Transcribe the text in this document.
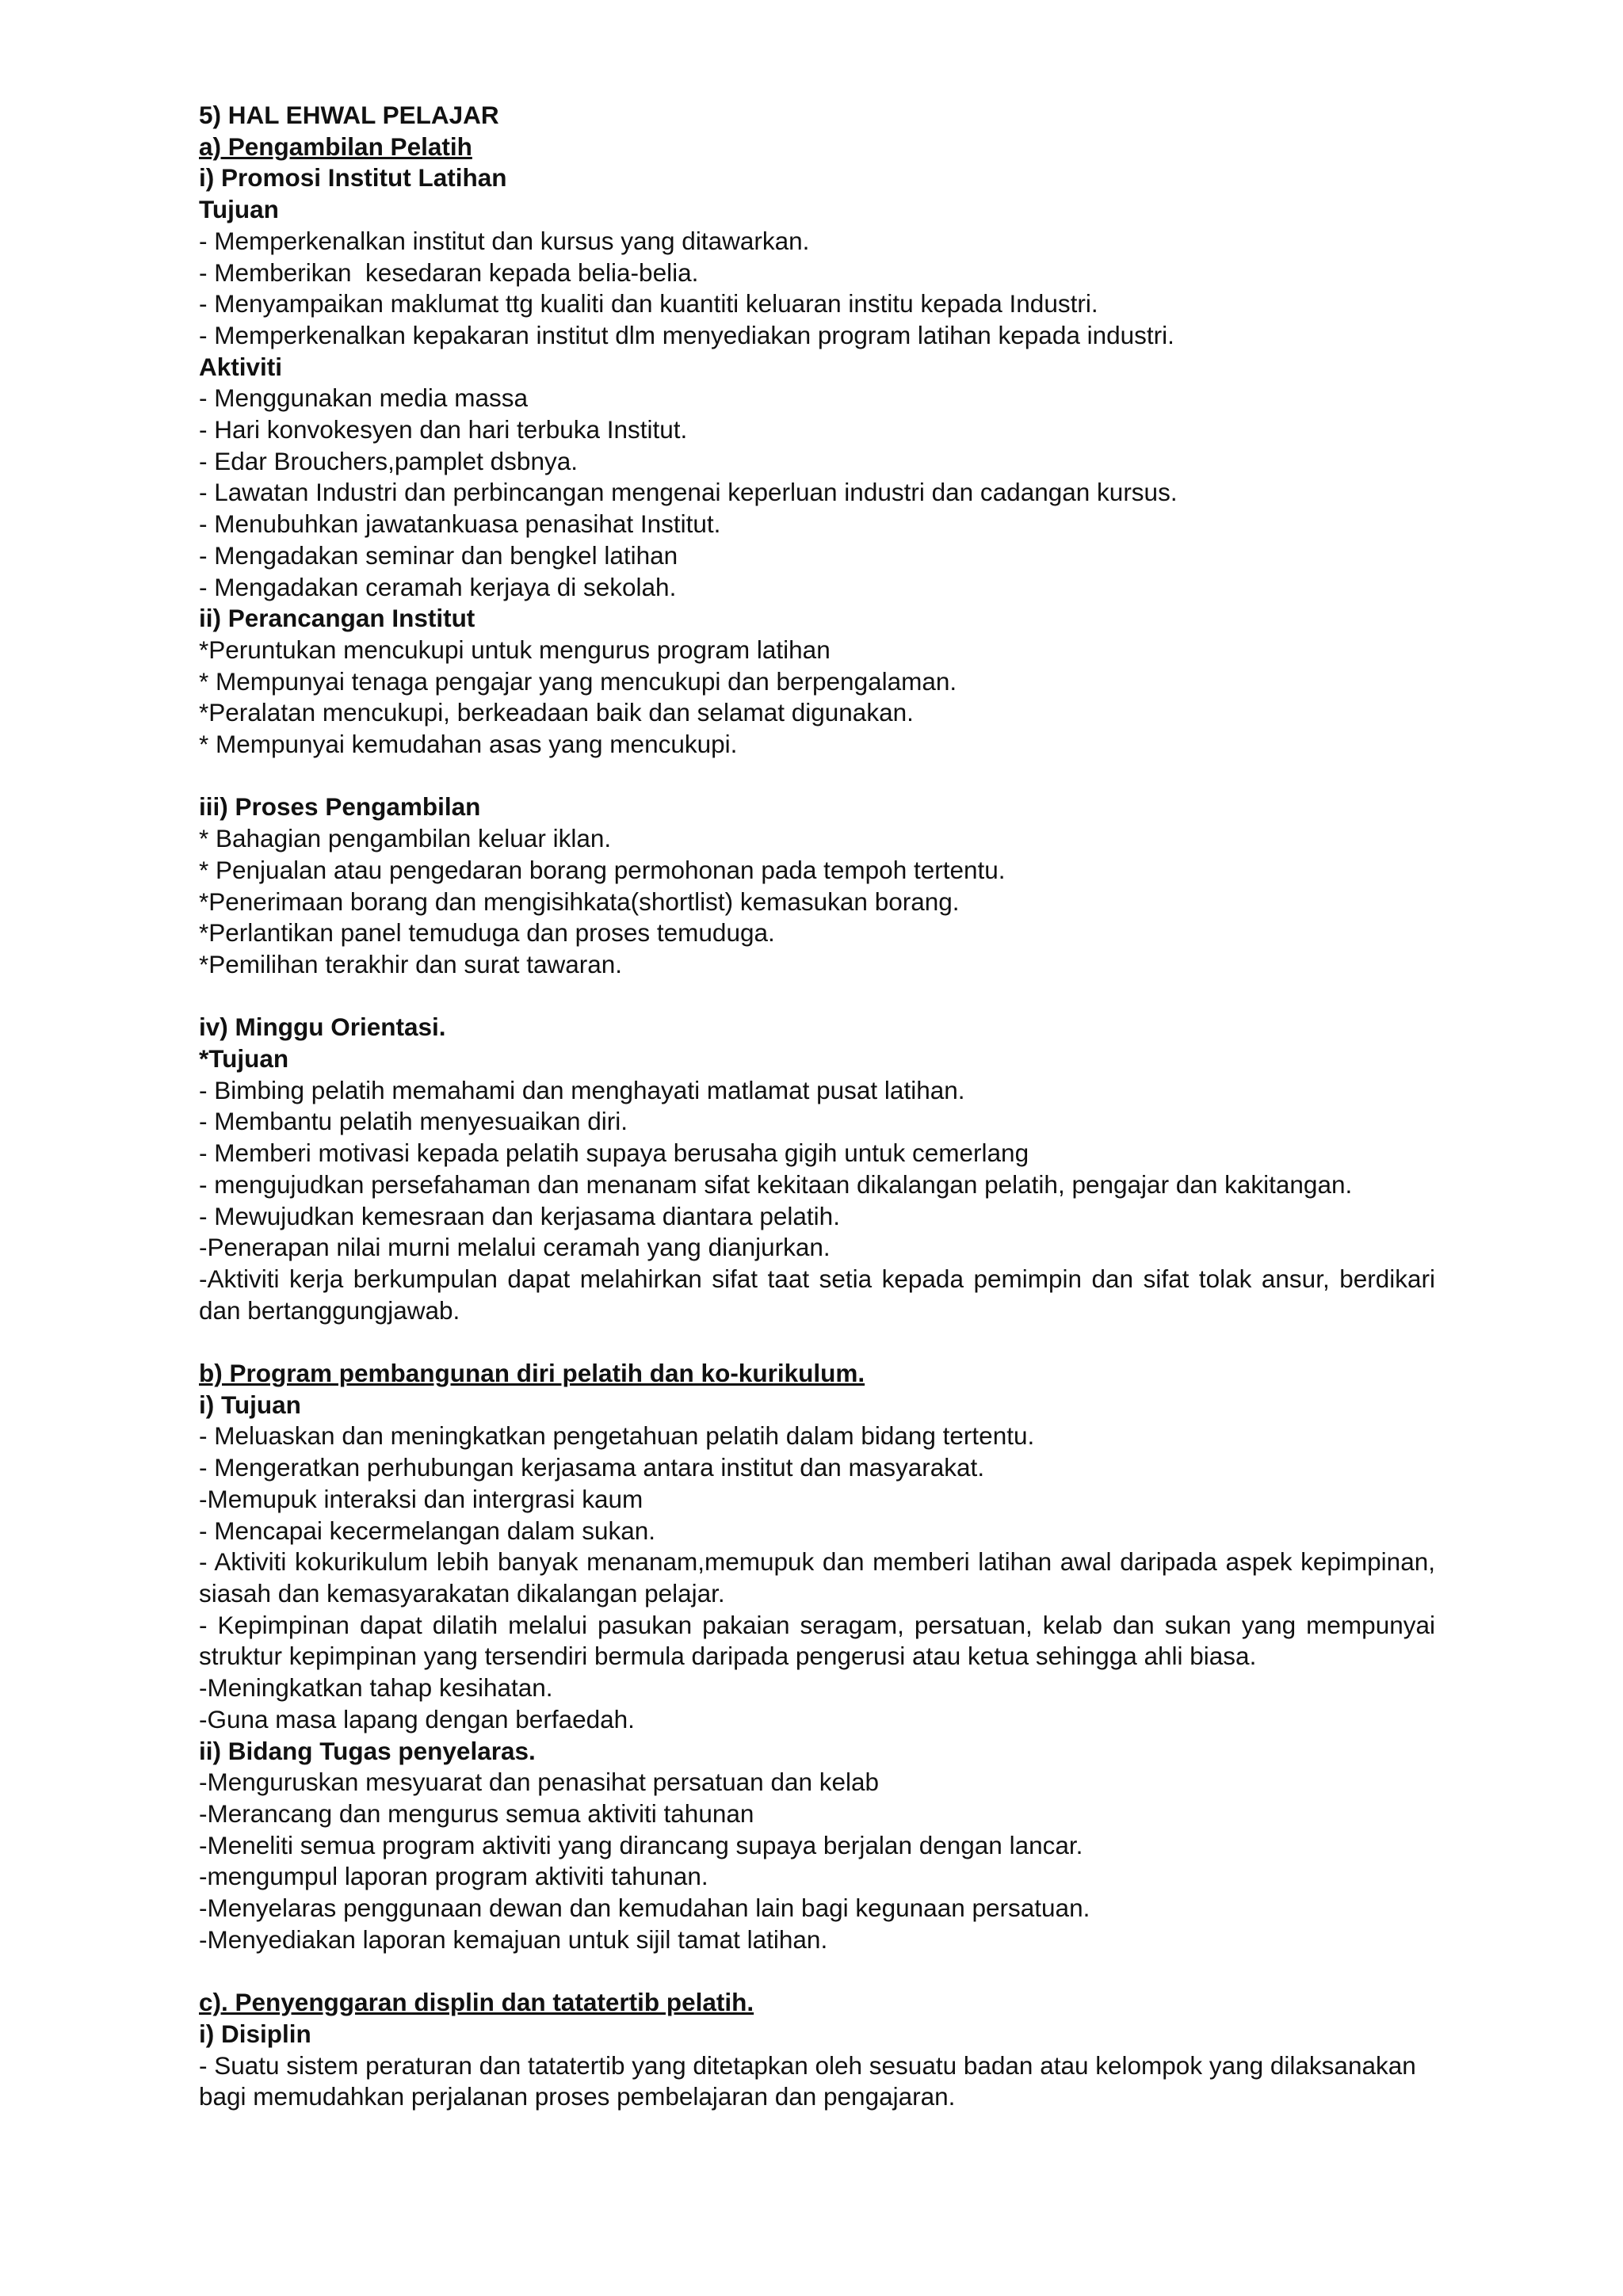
5) HAL EHWAL PELAJAR

a) Pengambilan Pelatih

i) Promosi Institut Latihan

Tujuan

- Memperkenalkan institut dan kursus yang ditawarkan.

- Memberikan  kesedaran kepada belia-belia.

- Menyampaikan maklumat ttg kualiti dan kuantiti keluaran institu kepada Industri.

- Memperkenalkan kepakaran institut dlm menyediakan program latihan kepada industri.

Aktiviti

- Menggunakan media massa

- Hari konvokesyen dan hari terbuka Institut.

- Edar Brouchers,pamplet dsbnya.

- Lawatan Industri dan perbincangan mengenai keperluan industri dan cadangan kursus.

- Menubuhkan jawatankuasa penasihat Institut.

- Mengadakan seminar dan bengkel latihan

- Mengadakan ceramah kerjaya di sekolah.

ii) Perancangan Institut

*Peruntukan mencukupi untuk mengurus program latihan

* Mempunyai tenaga pengajar yang mencukupi dan berpengalaman.

*Peralatan mencukupi, berkeadaan baik dan selamat digunakan.

* Mempunyai kemudahan asas yang mencukupi.

iii) Proses Pengambilan

* Bahagian pengambilan keluar iklan.

* Penjualan atau pengedaran borang permohonan pada tempoh tertentu.

*Penerimaan borang dan mengisihkata(shortlist) kemasukan borang.

*Perlantikan panel temuduga dan proses temuduga.

*Pemilihan terakhir dan surat tawaran.

iv) Minggu Orientasi.

*Tujuan

- Bimbing pelatih memahami dan menghayati matlamat pusat latihan.

- Membantu pelatih menyesuaikan diri.

- Memberi motivasi kepada pelatih supaya berusaha gigih untuk cemerlang

- mengujudkan persefahaman dan menanam sifat kekitaan dikalangan pelatih, pengajar dan kakitangan.

- Mewujudkan kemesraan dan kerjasama diantara pelatih.

-Penerapan nilai murni melalui ceramah yang dianjurkan.

-Aktiviti kerja berkumpulan dapat melahirkan sifat taat setia kepada pemimpin dan sifat tolak ansur, berdikari dan bertanggungjawab.

b) Program pembangunan diri pelatih dan ko-kurikulum.

i) Tujuan

- Meluaskan dan meningkatkan pengetahuan pelatih dalam bidang tertentu.

- Mengeratkan perhubungan kerjasama antara institut dan masyarakat.

-Memupuk interaksi dan intergrasi kaum

- Mencapai kecermelangan dalam sukan.

- Aktiviti kokurikulum lebih banyak menanam,memupuk dan memberi latihan awal daripada aspek kepimpinan, siasah dan kemasyarakatan dikalangan pelajar.

- Kepimpinan dapat dilatih melalui pasukan pakaian seragam, persatuan, kelab dan sukan yang mempunyai struktur kepimpinan yang tersendiri bermula daripada pengerusi atau ketua sehingga ahli biasa.

-Meningkatkan tahap kesihatan.

-Guna masa lapang dengan berfaedah.

ii) Bidang Tugas penyelaras.

-Menguruskan mesyuarat dan penasihat persatuan dan kelab

-Merancang dan mengurus semua aktiviti tahunan

-Meneliti semua program aktiviti yang dirancang supaya berjalan dengan lancar.

-mengumpul laporan program aktiviti tahunan.

-Menyelaras penggunaan dewan dan kemudahan lain bagi kegunaan persatuan.

-Menyediakan laporan kemajuan untuk sijil tamat latihan.

c). Penyenggaran displin dan tatatertib pelatih.

i) Disiplin

- Suatu sistem peraturan dan tatatertib yang ditetapkan oleh sesuatu badan atau kelompok yang dilaksanakan bagi memudahkan perjalanan proses pembelajaran dan pengajaran.
